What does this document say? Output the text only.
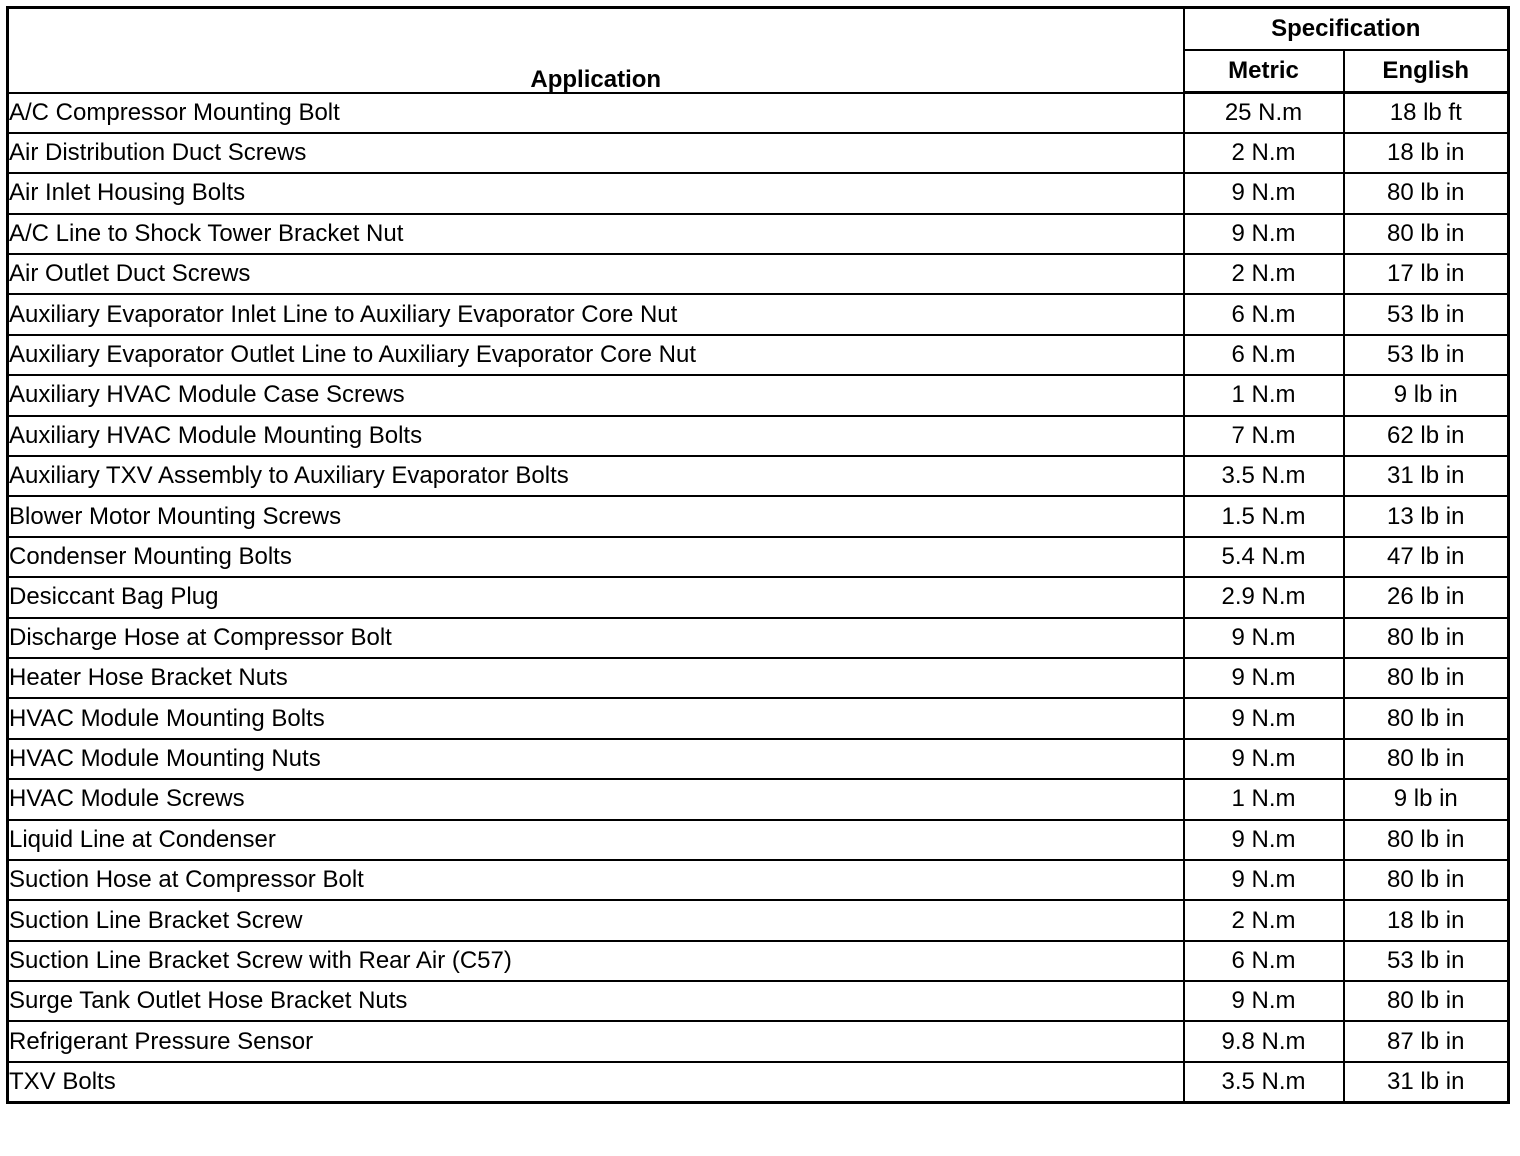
Application	Specification	
	Metric	English
A/C Compressor Mounting Bolt	25 N.m	18 lb ft
Air Distribution Duct Screws	2 N.m	18 lb in
Air Inlet Housing Bolts	9 N.m	80 lb in
A/C Line to Shock Tower Bracket Nut	9 N.m	80 lb in
Air Outlet Duct Screws	2 N.m	17 lb in
Auxiliary Evaporator Inlet Line to Auxiliary Evaporator Core Nut	6 N.m	53 lb in
Auxiliary Evaporator Outlet Line to Auxiliary Evaporator Core Nut	6 N.m	53 lb in
Auxiliary HVAC Module Case Screws	1 N.m	9 lb in
Auxiliary HVAC Module Mounting Bolts	7 N.m	62 lb in
Auxiliary TXV Assembly to Auxiliary Evaporator Bolts	3.5 N.m	31 lb in
Blower Motor Mounting Screws	1.5 N.m	13 lb in
Condenser Mounting Bolts	5.4 N.m	47 lb in
Desiccant Bag Plug	2.9 N.m	26 lb in
Discharge Hose at Compressor Bolt	9 N.m	80 lb in
Heater Hose Bracket Nuts	9 N.m	80 lb in
HVAC Module Mounting Bolts	9 N.m	80 lb in
HVAC Module Mounting Nuts	9 N.m	80 lb in
HVAC Module Screws	1 N.m	9 lb in
Liquid Line at Condenser	9 N.m	80 lb in
Suction Hose at Compressor Bolt	9 N.m	80 lb in
Suction Line Bracket Screw	2 N.m	18 lb in
Suction Line Bracket Screw with Rear Air (C57)	6 N.m	53 lb in
Surge Tank Outlet Hose Bracket Nuts	9 N.m	80 lb in
Refrigerant Pressure Sensor	9.8 N.m	87 lb in
TXV Bolts	3.5 N.m	31 lb in
